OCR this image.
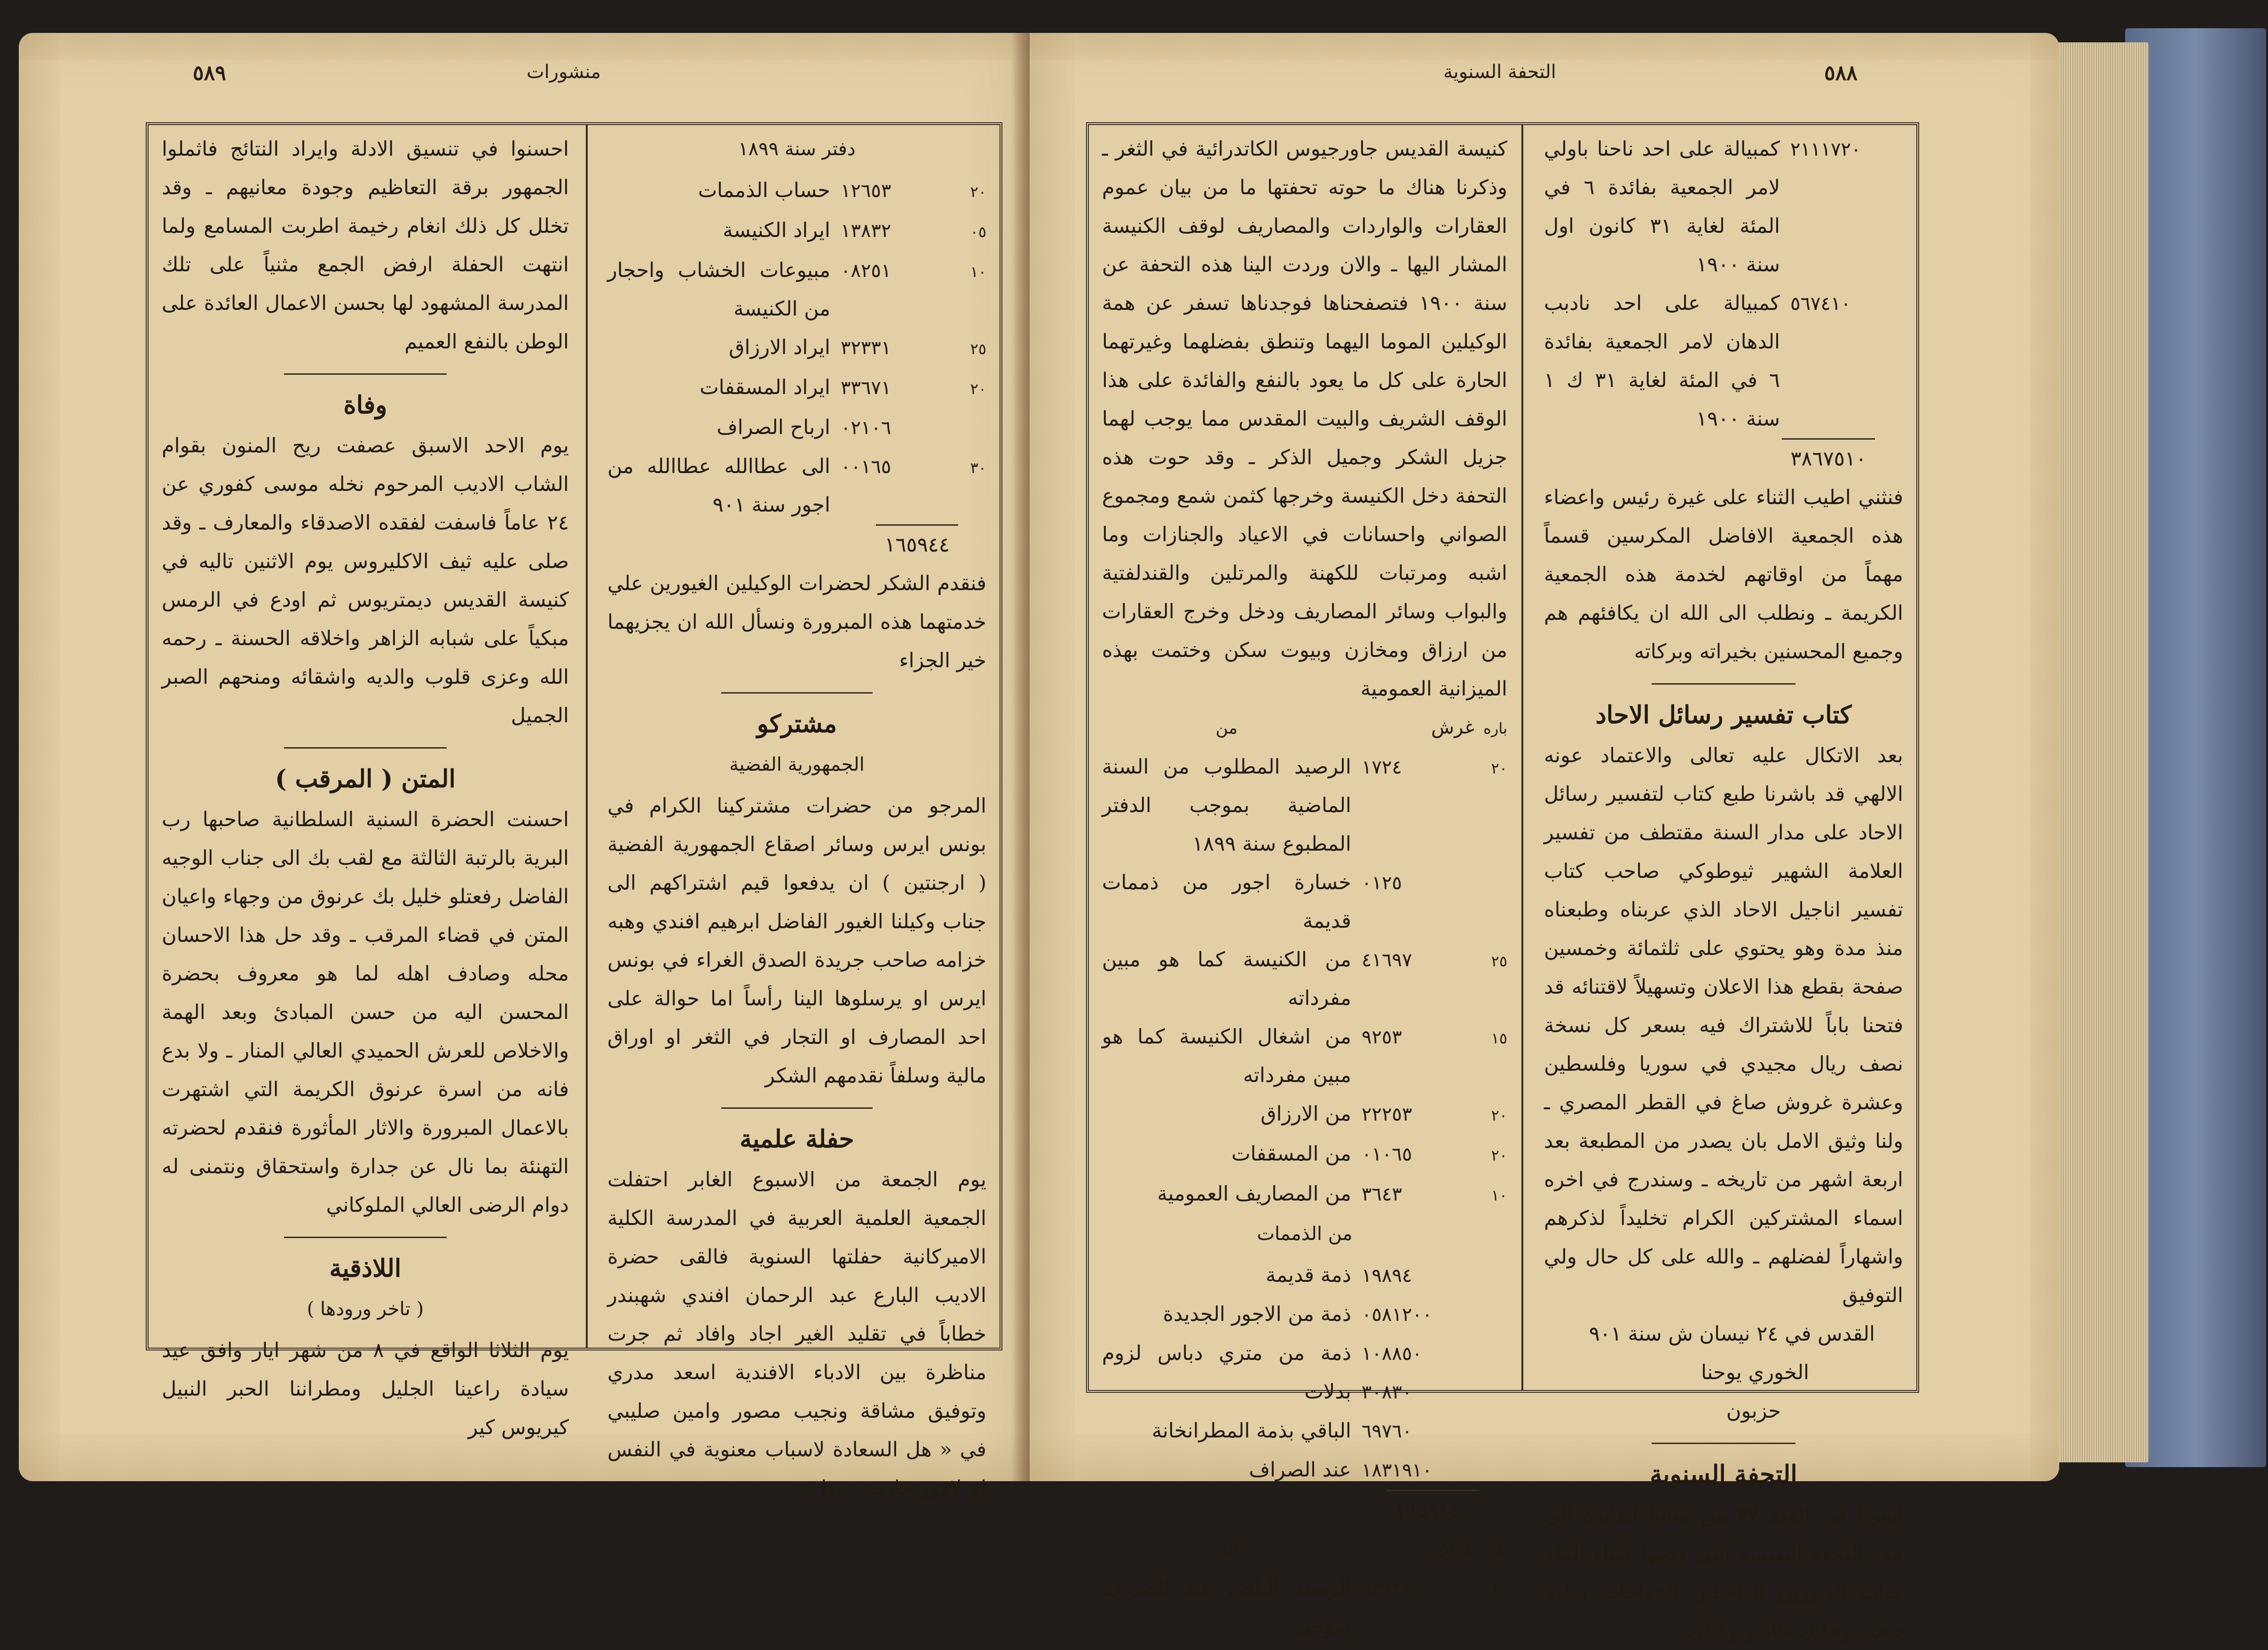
٥٨٩	منشورات

دفتر سنة ١٨٩٩

٢٠
١٢٦٥٣
حساب الذممات
٠٥
١٣٨٣٢
ايراد الكنيسة
١٠
٠٨٢٥١
مبيوعات الخشاب واحجار من الكنيسة
٢٥
٣٢٣٣١
ايراد الارزاق
٢٠
٣٣٦٧١
ايراد المسقفات
٠٢١٠٦
ارباح الصراف
٣٠
٠٠١٦٥
الى عطاالله عطاالله من اجور سنة ٩٠١
١٦٥٩٤٤

فنقدم الشكر لحضرات الوكيلين الغيورين علي خدمتهما هذه المبرورة ونسأل الله ان يجزيهما خير الجزاء

مشتركو

الجمهورية الفضية

المرجو من حضرات مشتركينا الكرام في بونس ايرس وسائر اصقاع الجمهورية الفضية ( ارجنتين ) ان يدفعوا قيم اشتراكهم الى جناب وكيلنا الغيور الفاضل ابرهيم افندي وهبه خزامه صاحب جريدة الصدق الغراء في بونس ايرس او يرسلوها الينا رأساً اما حوالة على احد المصارف او التجار في الثغر او اوراق مالية وسلفاً نقدمهم الشكر

حفلة علمية

يوم الجمعة من الاسبوع الغابر احتفلت الجمعية العلمية العربية في المدرسة الكلية الاميركانية حفلتها السنوية فالقى حضرة الاديب البارع عبد الرحمان افندي شهبندر خطاباً في تقليد الغير اجاد وافاد ثم جرت مناظرة بين الادباء الافندية اسعد مدري وتوفيق مشاقة ونجيب مصور وامين صليبي في « هل السعادة لاسباب معنوية في النفس ام لامور خارجة عنها »

احسنوا في تنسيق الادلة وايراد النتائج فاثملوا الجمهور برقة التعاظيم وجودة معانيهم ـ وقد تخلل كل ذلك انغام رخيمة اطربت المسامع ولما انتهت الحفلة ارفض الجمع مثنياً على تلك المدرسة المشهود لها بحسن الاعمال العائدة على الوطن بالنفع العميم

وفاة

يوم الاحد الاسبق عصفت ريح المنون بقوام الشاب الاديب المرحوم نخله موسى كفوري عن ٢٤ عاماً فاسفت لفقده الاصدقاء والمعارف ـ وقد صلى عليه ثيف الاكليروس يوم الاثنين تاليه في كنيسة القديس ديمتريوس ثم اودع في الرمس مبكياً على شبابه الزاهر واخلاقه الحسنة ـ رحمه الله وعزى قلوب والديه واشقائه ومنحهم الصبر الجميل

المتن ( المرقب )

احسنت الحضرة السنية السلطانية صاحبها رب البرية بالرتبة الثالثة مع لقب بك الى جناب الوجيه الفاضل رفعتلو خليل بك عرنوق من وجهاء واعيان المتن في قضاء المرقب ـ وقد حل هذا الاحسان محله وصادف اهله لما هو معروف بحضرة المحسن اليه من حسن المبادئ وبعد الهمة والاخلاص للعرش الحميدي العالي المنار ـ ولا بدع فانه من اسرة عرنوق الكريمة التي اشتهرت بالاعمال المبرورة والاثار المأثورة فنقدم لحضرته التهنئة بما نال عن جدارة واستحقاق ونتمنى له دوام الرضى العالي الملوكاني

اللاذقية

( تاخر ورودها )

يوم الثلاثا الواقع في ٨ من شهر ايار وافق عيد سيادة راعينا الجليل ومطراننا الحبر النبيل كيريوس كير

التحفة السنوية	٥٨٨
٢١١١٧٢٠
كمبيالة على احد ناحنا باولي لامر الجمعية بفائدة ٦ في المئة لغاية ٣١ كانون اول سنة ١٩٠٠
٥٦٧٤١٠
كمبيالة على احد نادبب الدهان لامر الجمعية بفائدة ٦ في المئة لغاية ٣١ ك ١ سنة ١٩٠٠
٣٨٦٧٥١٠

فنثني اطيب الثناء على غيرة رئيس واعضاء هذه الجمعية الافاضل المكرسين قسماً مهماً من اوقاتهم لخدمة هذه الجمعية الكريمة ـ ونطلب الى الله ان يكافئهم هم وجميع المحسنين بخيراته وبركاته

كتاب تفسير رسائل الاحاد

بعد الاتكال عليه تعالى والاعتماد عونه الالهي قد باشرنا طبع كتاب لتفسير رسائل الاحاد على مدار السنة مقتطف من تفسير العلامة الشهير ثيوطوكي صاحب كتاب تفسير اناجيل الاحاد الذي عربناه وطبعناه منذ مدة وهو يحتوي على ثلثمائة وخمسين صفحة بقطع هذا الاعلان وتسهيلاً لاقتنائه قد فتحنا باباً للاشتراك فيه بسعر كل نسخة نصف ريال مجيدي في سوريا وفلسطين وعشرة غروش صاغ في القطر المصري ـ ولنا وثيق الامل بان يصدر من المطبعة بعد اربعة اشهر من تاريخه ـ وسندرج في اخره اسماء المشتركين الكرام تخليداً لذكرهم واشهاراً لفضلهم ـ والله على كل حال ولي التوفيق

القدس في ٢٤ نيسان ش سنة ٩٠١

الخوري يوحنا

حزبون

التحفة السنوية

اشرنا في العدد ٣٧ من سنتنا الغابرة الى هذه التحفة النفيسة التي قدمها لابناء الملة جناب الغيورين الفاضلين الخواجات سليم صعب وخليل طاسو وكيلي

كنيسة القديس جاورجيوس الكاتدرائية في الثغر ـ وذكرنا هناك ما حوته تحفتها ما من بيان عموم العقارات والواردات والمصاريف لوقف الكنيسة المشار اليها ـ والان وردت الينا هذه التحفة عن سنة ١٩٠٠ فتصفحناها فوجدناها تسفر عن همة الوكيلين الموما اليهما وتنطق بفضلهما وغيرتهما الحارة على كل ما يعود بالنفع والفائدة على هذا الوقف الشريف والبيت المقدس مما يوجب لهما جزيل الشكر وجميل الذكر ـ وقد حوت هذه التحفة دخل الكنيسة وخرجها كثمن شمع ومجموع الصواني واحسانات في الاعياد والجنازات وما اشبه ومرتبات للكهنة والمرتلين والقندلفتية والبواب وسائر المصاريف ودخل وخرج العقارات من ارزاق ومخازن وبيوت سكن وختمت بهذه الميزانية العمومية

باره
غرش
من
٢٠
١٧٢٤
الرصيد المطلوب من السنة الماضية بموجب الدفتر المطبوع سنة ١٨٩٩
٠١٢٥
خسارة اجور من ذممات قديمة
٢٥
٤١٦٩٧
من الكنيسة كما هو مبين مفرداته
١٥
٩٢٥٣
من اشغال الكنيسة كما هو مبين مفرداته
٢٠
٢٢٢٥٣
من الارزاق
٢٠
٠١٠٦٥
من المسقفات
١٠
٣٦٤٣
من المصاريف العمومية

من الذممات

١٩٨٩٤
ذمة قديمة
٠٥٨١٢٠٠
ذمة من الاجور الجديدة
١٠٨٨٥٠ ٣٠٨٣٠
ذمة من متري دباس لزوم بدلات
٦٩٧٦٠
الباقي بذمة المطرانخانة
١٨٣١٩١٠
عند الصراف
١٦٥٩٤٤٠
باره
غرش
الى
١٠
٦٢٩٣٣
الرصيد الباقي عند الصراف بموجب
